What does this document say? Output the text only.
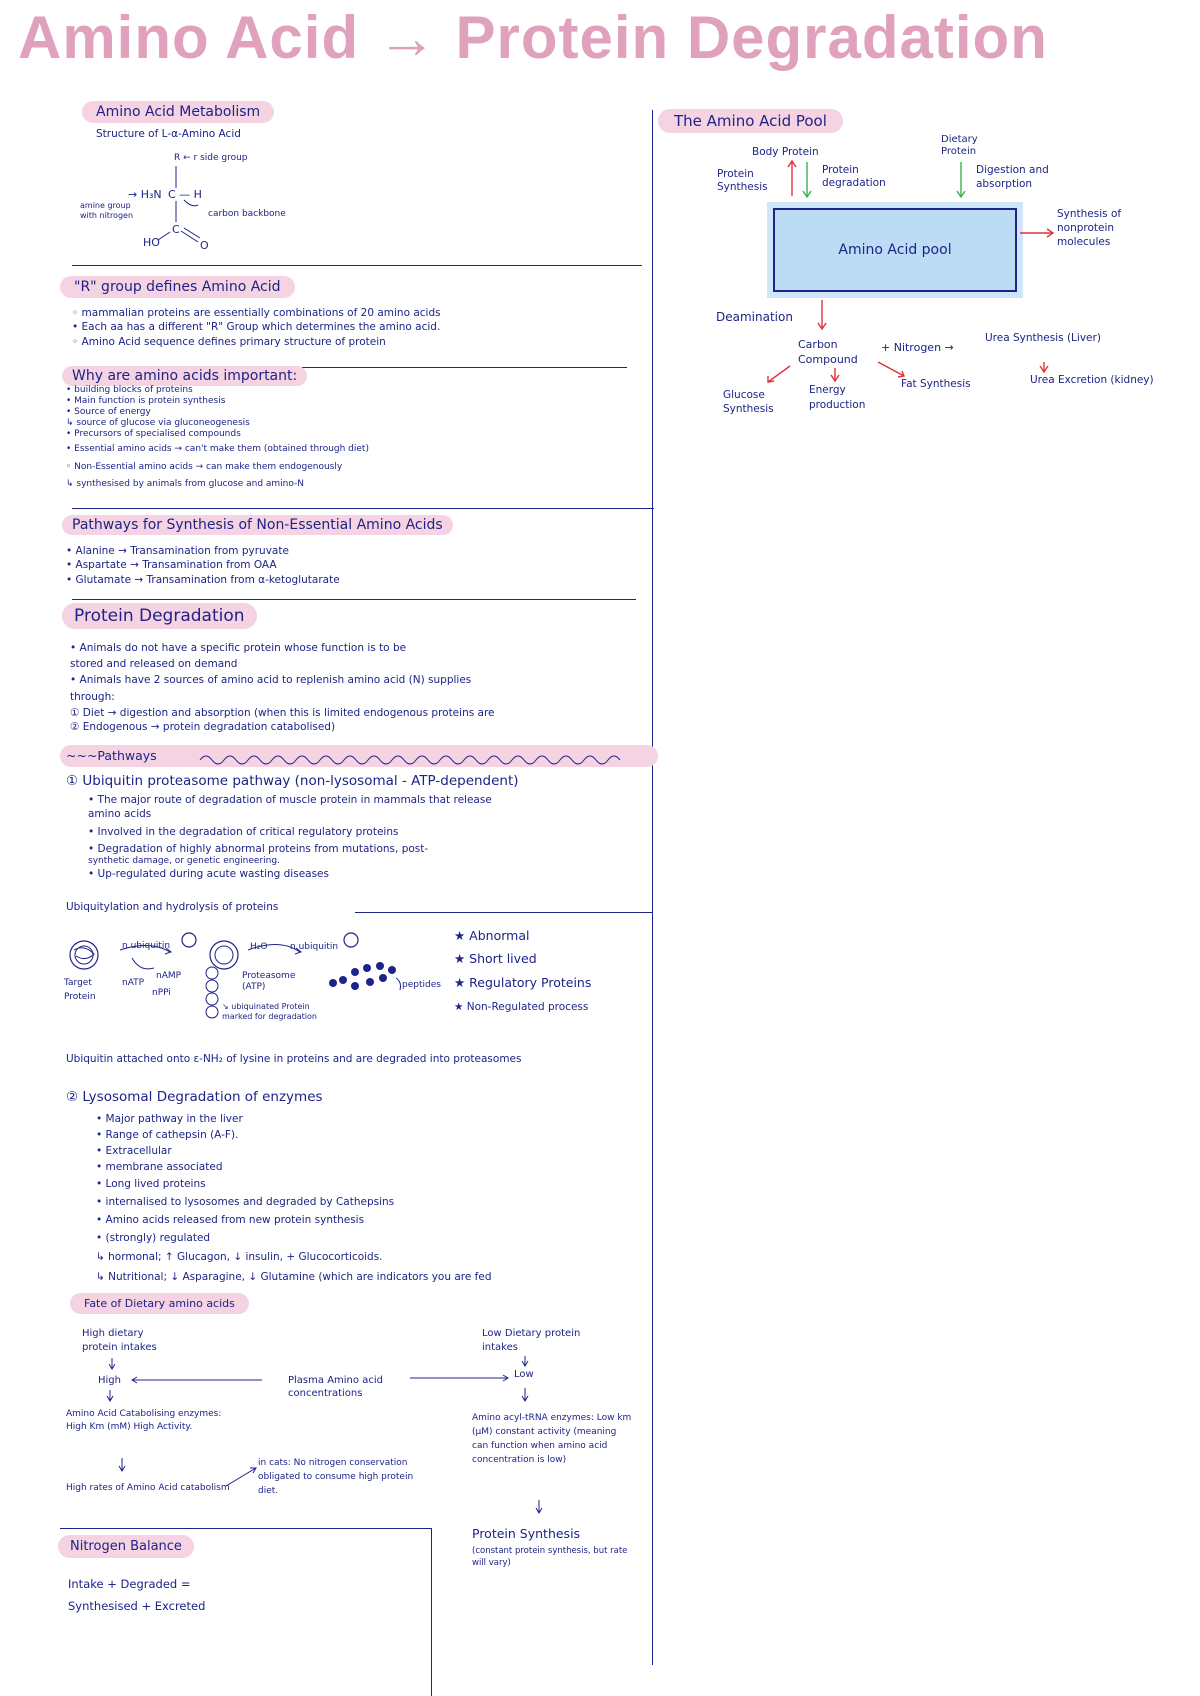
Amino Acid → Protein Degradation
Amino Acid Metabolism
Structure of L-α-Amino Acid
R ← r side group
→ H₃N C — H
amine group with nitrogen	carbon backbone
C
HO	O
"R" group defines Amino Acid
◦ mammalian proteins are essentially combinations of 20 amino acids
• Each aa has a different "R" Group which determines the amino acid.
◦ Amino Acid sequence defines primary structure of protein
Why are amino acids important:
• building blocks of proteins
• Main function is protein synthesis
• Source of energy
↳ source of glucose via gluconeogenesis
• Precursors of specialised compounds
• Essential amino acids → can't make them (obtained through diet)
◦ Non-Essential amino acids → can make them endogenously
↳ synthesised by animals from glucose and amino-N
Pathways for Synthesis of Non-Essential Amino Acids
• Alanine → Transamination from pyruvate
• Aspartate → Transamination from OAA
• Glutamate → Transamination from α-ketoglutarate
Protein Degradation
• Animals do not have a specific protein whose function is to be
stored and released on demand
• Animals have 2 sources of amino acid to replenish amino acid (N) supplies
through:
① Diet → digestion and absorption (when this is limited endogenous proteins are
② Endogenous → protein degradation catabolised)
~~~Pathways
① Ubiquitin proteasome pathway (non-lysosomal - ATP-dependent)
• The major route of degradation of muscle protein in mammals that release
amino acids
• Involved in the degradation of critical regulatory proteins
• Degradation of highly abnormal proteins from mutations, post-
synthetic damage, or genetic engineering.
• Up-regulated during acute wasting diseases
Ubiquitylation and hydrolysis of proteins
n ubiquitin
Target Protein
nATP
nAMP
nPPi
H₂O	n ubiquitin
Proteasome (ATP)
↘ ubiquinated Protein marked for degradation
peptides
★ Abnormal
★ Short lived
★ Regulatory Proteins
★ Non-Regulated process
Ubiquitin attached onto ε-NH₂ of lysine in proteins and are degraded into proteasomes
② Lysosomal Degradation of enzymes
• Major pathway in the liver
• Range of cathepsin (A-F).
• Extracellular
• membrane associated
• Long lived proteins
• internalised to lysosomes and degraded by Cathepsins
• Amino acids released from new protein synthesis
• (strongly) regulated
↳ hormonal; ↑ Glucagon, ↓ insulin, + Glucocorticoids.
↳ Nutritional; ↓ Asparagine, ↓ Glutamine (which are indicators you are fed
Fate of Dietary amino acids
High dietary protein intakes
High	Plasma Amino acid concentrations
Low Dietary protein intakes
Low
Amino Acid Catabolising enzymes: High Km (mM) High Activity.
High rates of Amino Acid catabolism
in cats: No nitrogen conservation obligated to consume high protein diet.
Amino acyl-tRNA enzymes: Low km (µM) constant activity (meaning can function when amino acid concentration is low)
Protein Synthesis
(constant protein synthesis, but rate will vary)
Nitrogen Balance
Intake + Degraded =
Synthesised + Excreted
The Amino Acid Pool
Body Protein
Dietary Protein
Protein Synthesis
Protein degradation
Digestion and absorption
Amino Acid pool
Synthesis of nonprotein molecules
Deamination
Carbon Compound
+ Nitrogen →
Urea Synthesis (Liver)
Urea Excretion (kidney)
Glucose Synthesis
Energy production
Fat Synthesis
